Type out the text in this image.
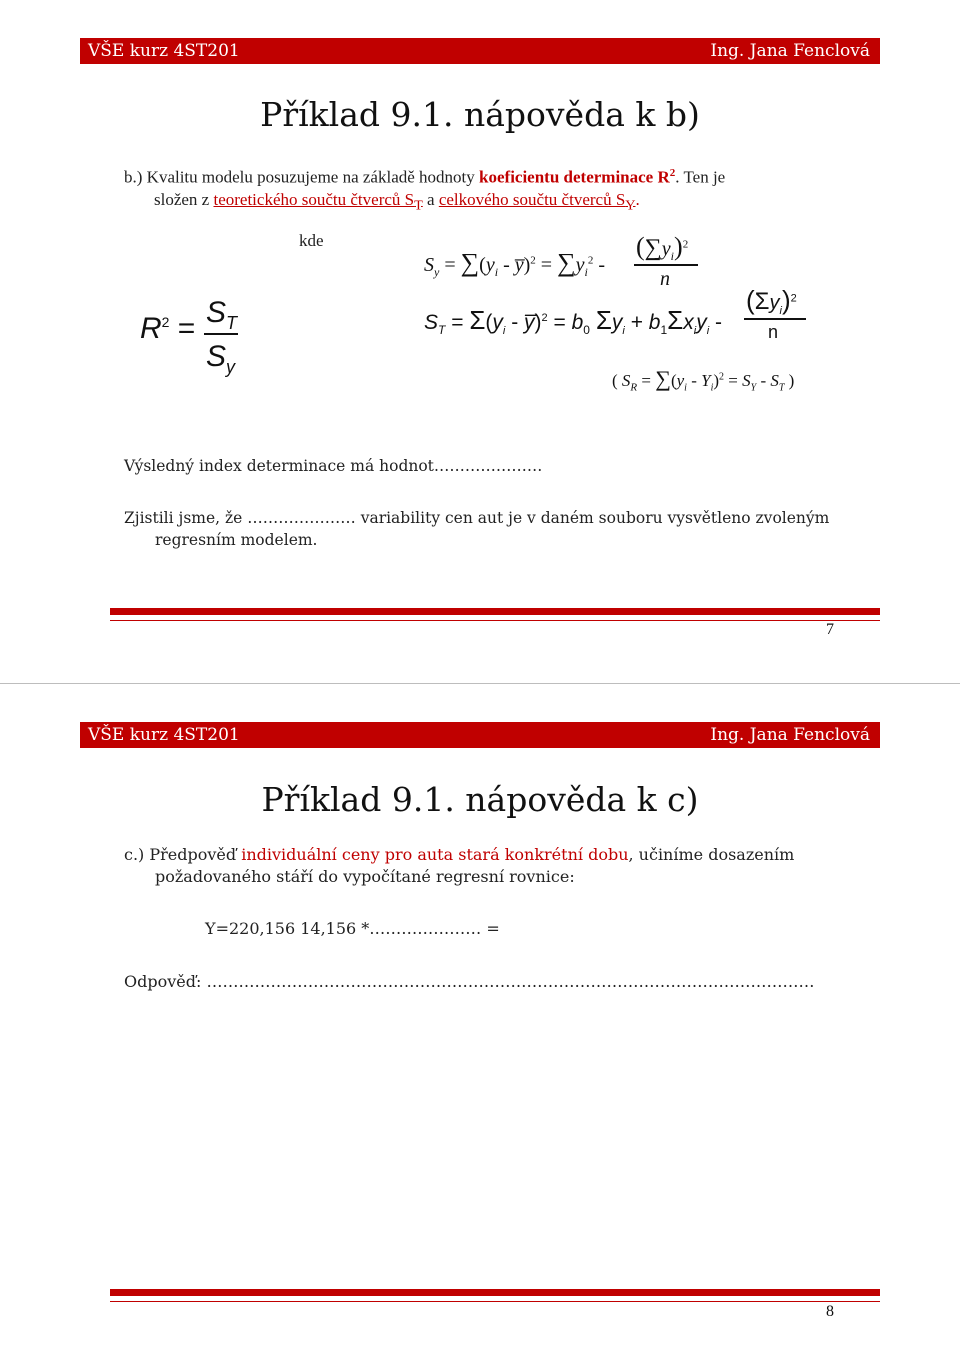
VŠE kurz 4ST201	Ing. Jana Fenclová
Příklad 9.1. nápověda k b)
b.) Kvalitu modelu posuzujeme na základě hodnoty koeficientu determinace $R^2$. Ten je
složen z teoretického součtu čtverců $S_T$ a celkového součtu čtverců $S_Y$.
kde
$R^2 = S_T$
$S_y$
$S_y = \sum(y_i$ - y̅)$^2$ = $\sum y_i^2$ -
$(\sum y_i)^2$
n
$S_T = \Sigma(y_i$ - y̅)$^2$ = $b_0$ $\Sigma y_i + b_1\Sigma x_iy_i$ -
$(\Sigma y_i)^2$
n
( $S_R = \sum(y_i - Y_i)^2 = S_Y - S_T$ )
Výsledný index determinace má hodnot…………………
Zjistili jsme, že ………………… variability cen aut je v daném souboru vysvětleno zvoleným
regresním modelem.
7
VŠE kurz 4ST201	Ing. Jana Fenclová
Příklad 9.1. nápověda k c)
c.) Předpověď individuální ceny pro auta stará konkrétní dobu, učiníme dosazením
požadovaného stáří do vypočítané regresní rovnice:
Y=220,156 14,156 *………………… =
Odpověď: ……………………………………………………………………………………………………
8
